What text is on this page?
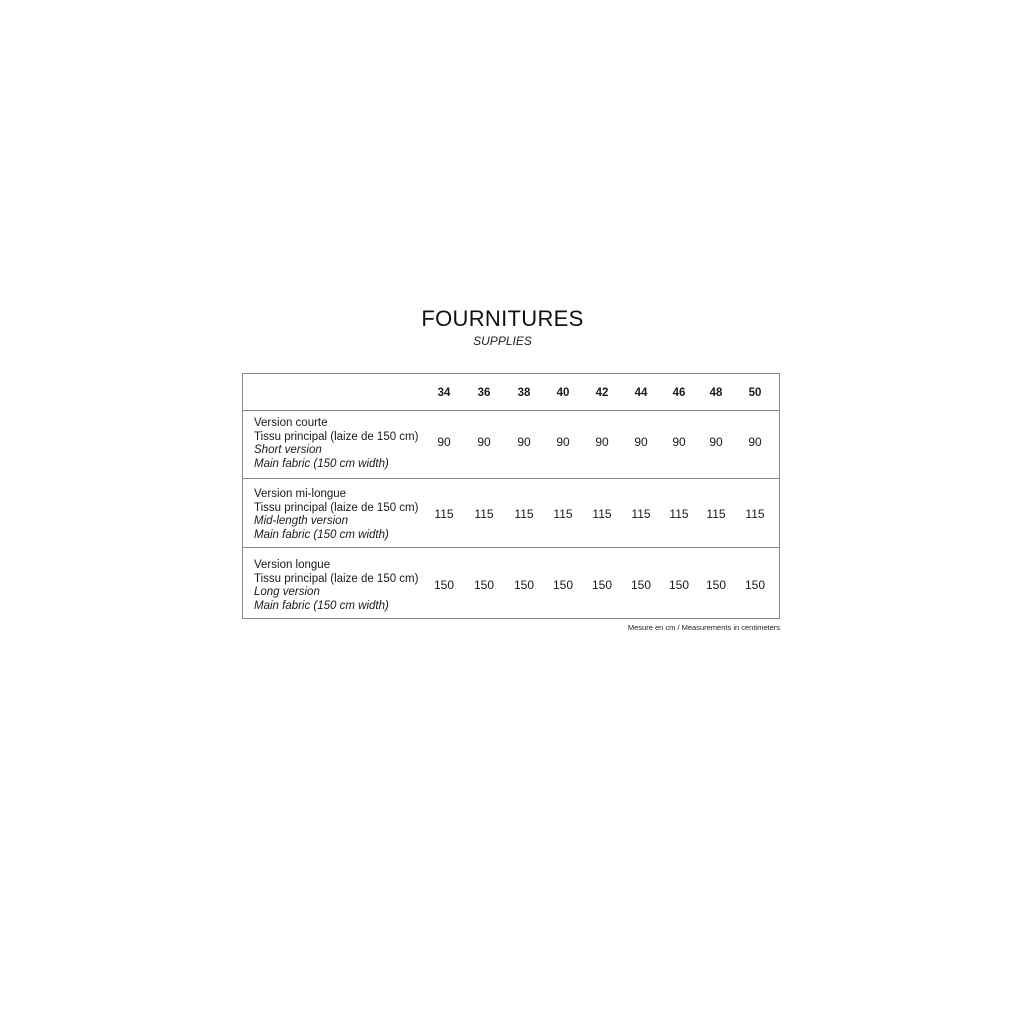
FOURNITURES
SUPPLIES
34	36	38	40	42	44	46	48	50
Version courte
Tissu principal (laize de 150 cm)
Short version
Main fabric (150 cm width)
90	90	90	90	90	90	90	90	90
Version mi-longue
Tissu principal (laize de 150 cm)
Mid-length version
Main fabric (150 cm width)
115	115	115	115	115	115	115	115	115
Version longue
Tissu principal (laize de 150 cm)
Long version
Main fabric (150 cm width)
150	150	150	150	150	150	150	150	150
Mesure en cm / Measurements in centimeters
